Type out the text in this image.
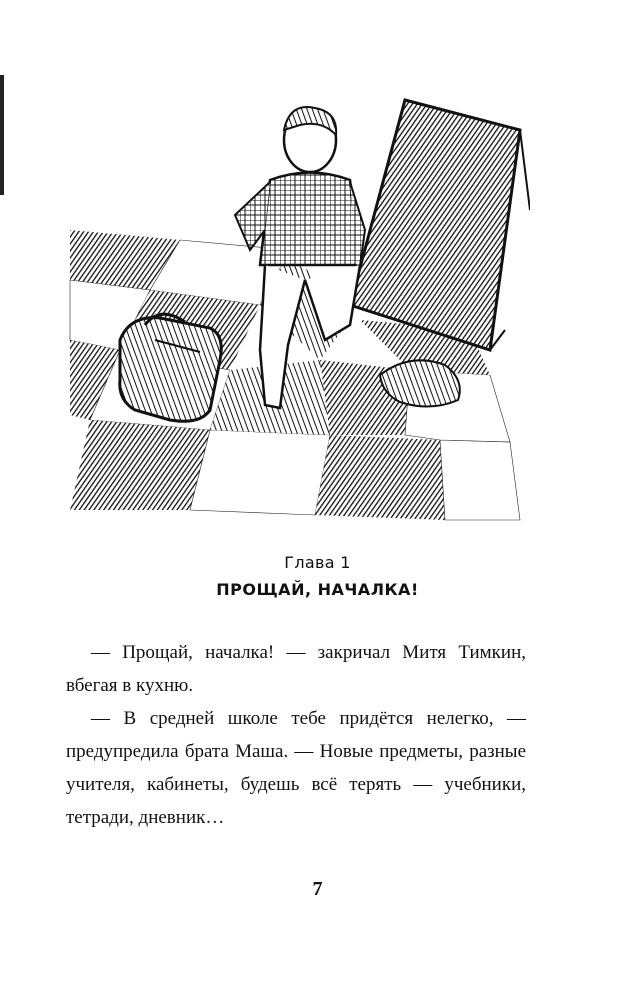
Глава 1
ПРОЩАЙ, НАЧАЛКА!

— Прощай, началка! — закричал Митя Тимкин, вбегая в кухню.

— В средней школе тебе придётся нелегко, — предупредила брата Маша. — Новые предметы, разные учителя, кабинеты, будешь всё терять — учебники, тетради, дневник…

7
